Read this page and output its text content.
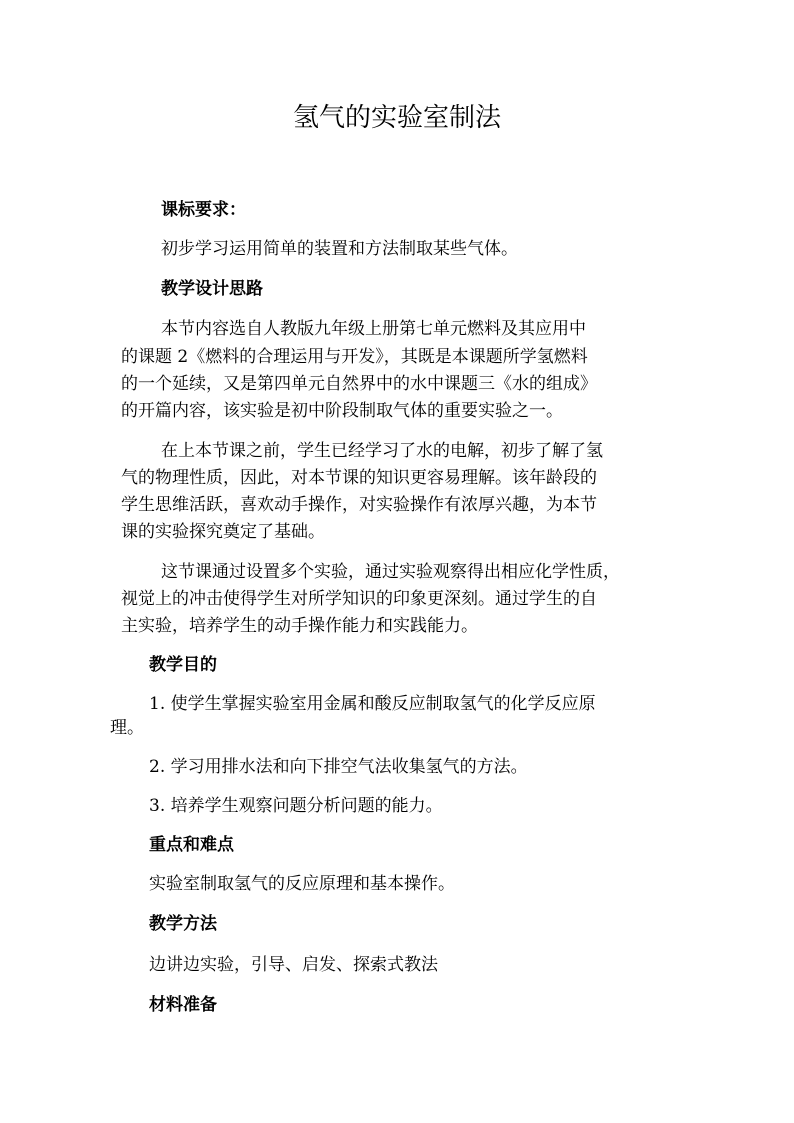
氢气的实验室制法
课标要求：
初步学习运用简单的装置和方法制取某些气体。
教学设计思路
本节内容选自人教版九年级上册第七单元燃料及其应用中
的课题 2《燃料的合理运用与开发》，其既是本课题所学氢燃料
的一个延续，又是第四单元自然界中的水中课题三《水的组成》
的开篇内容，该实验是初中阶段制取气体的重要实验之一。
在上本节课之前，学生已经学习了水的电解，初步了解了氢
气的物理性质，因此，对本节课的知识更容易理解。该年龄段的
学生思维活跃，喜欢动手操作，对实验操作有浓厚兴趣，为本节
课的实验探究奠定了基础。
这节课通过设置多个实验，通过实验观察得出相应化学性质，
视觉上的冲击使得学生对所学知识的印象更深刻。通过学生的自
主实验，培养学生的动手操作能力和实践能力。
教学目的
1. 使学生掌握实验室用金属和酸反应制取氢气的化学反应原
理。
2. 学习用排水法和向下排空气法收集氢气的方法。
3. 培养学生观察问题分析问题的能力。
重点和难点
实验室制取氢气的反应原理和基本操作。
教学方法
边讲边实验，引导、启发、探索式教法
材料准备
